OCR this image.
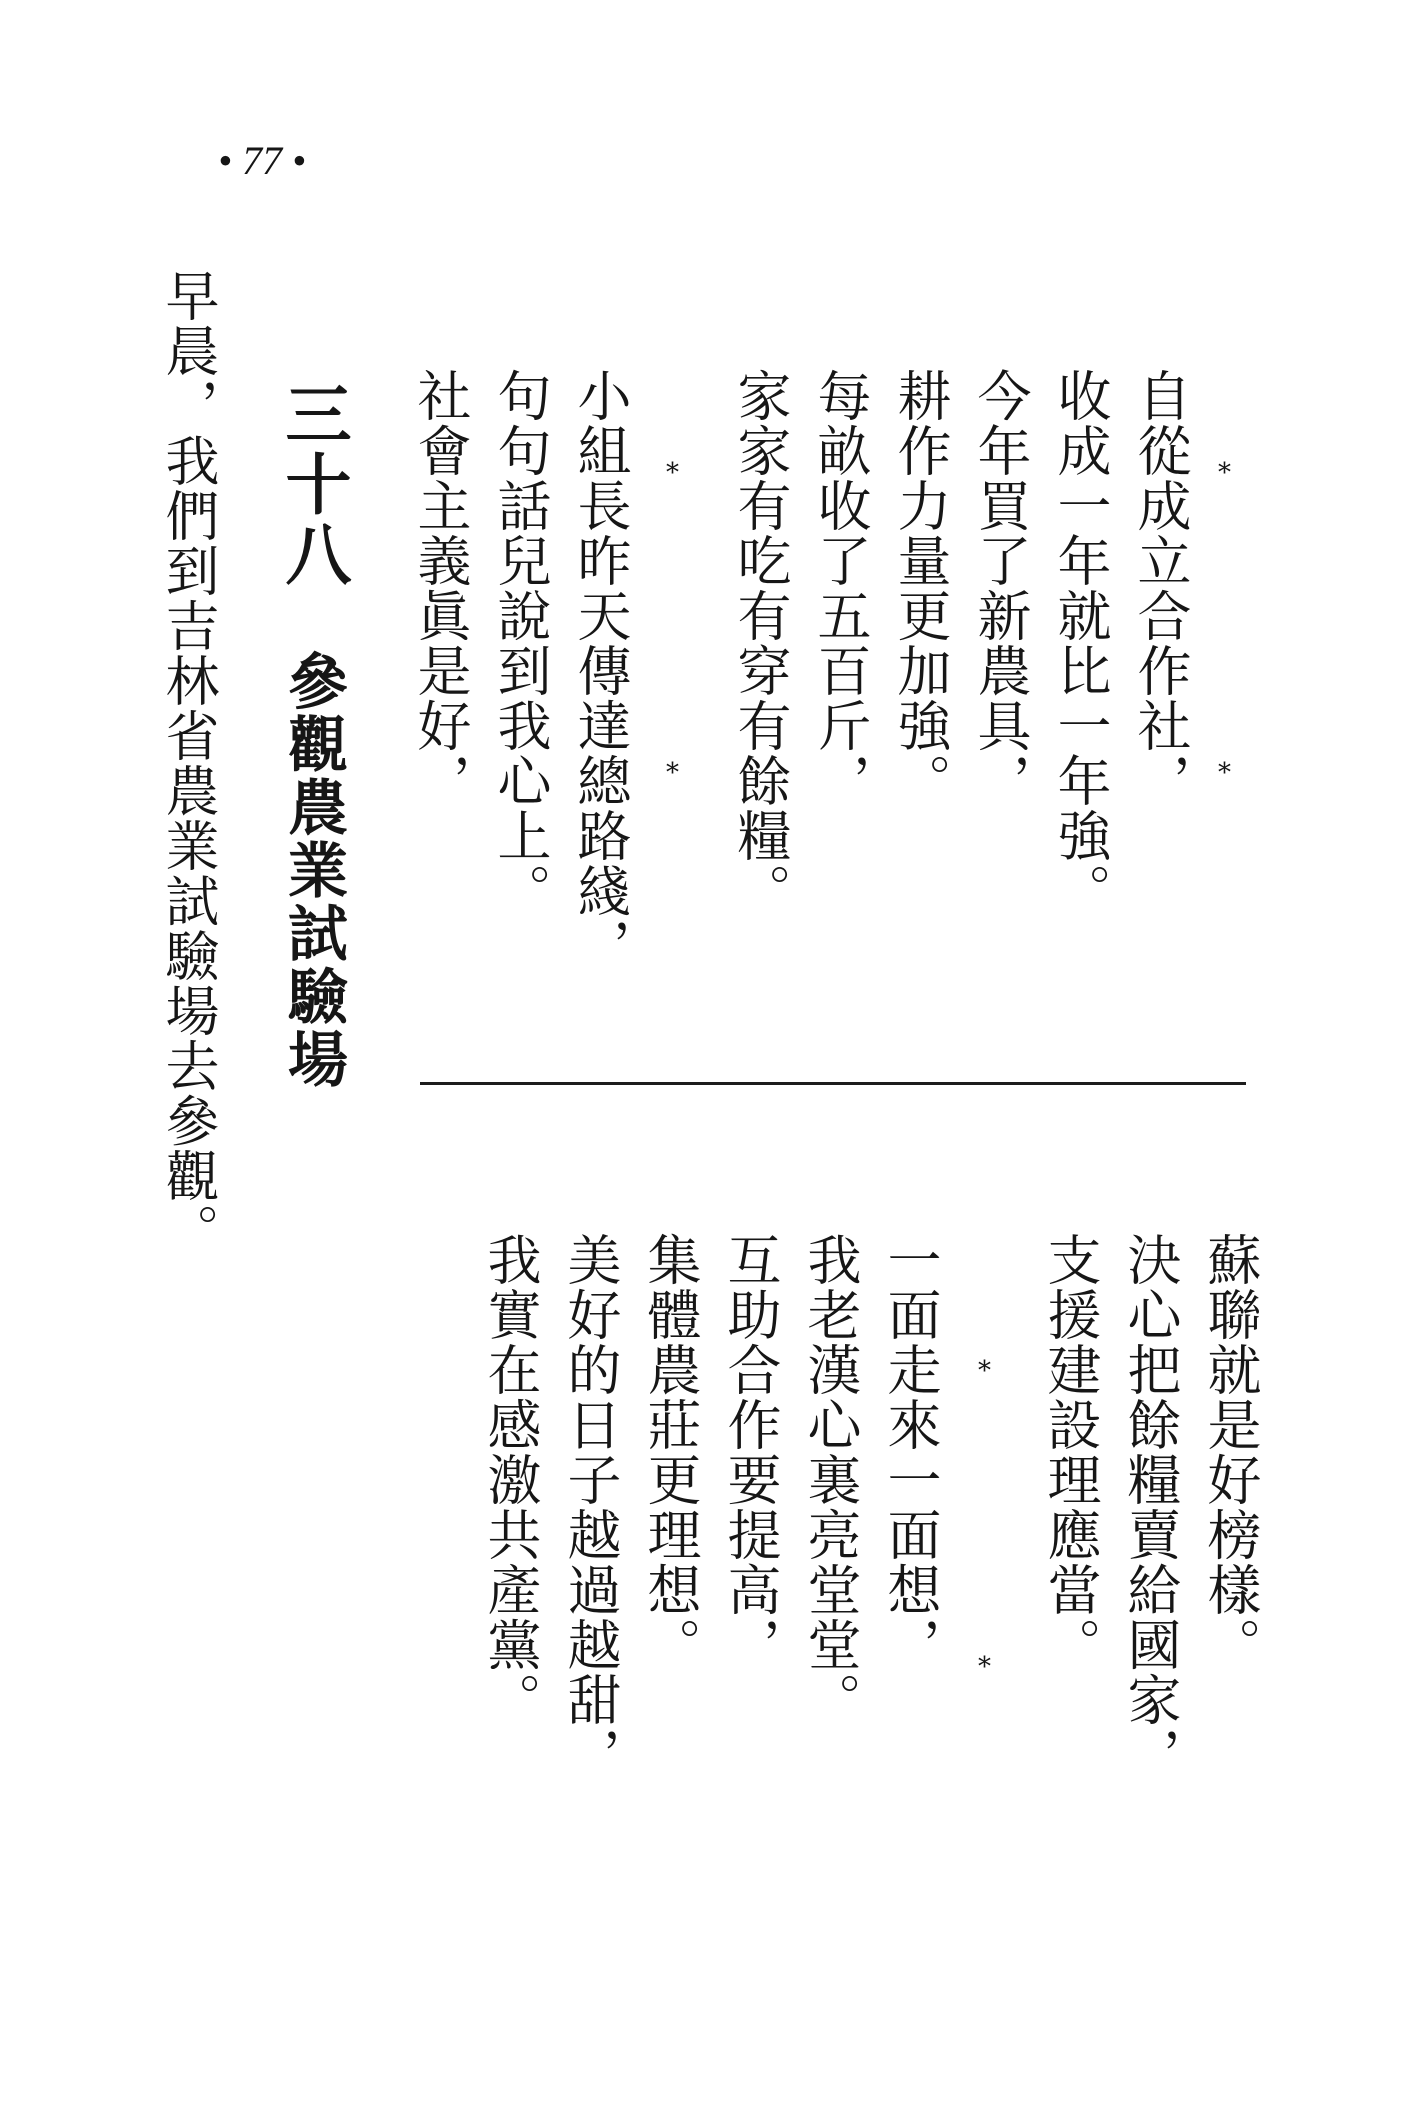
• 77 •
自從成立合作社，
收成一年就比一年強。
今年買了新農具，
耕作力量更加強。
每畝收了五百斤，
家家有吃有穿有餘糧。	*
*
*
*
小組長昨天傳達總路綫，
句句話兒說到我心上。
社會主義眞是好，
蘇聯就是好榜樣。
決心把餘糧賣給國家，
支援建設理應當。
*
*
一面走來一面想，
我老漢心裏亮堂堂。
互助合作要提高，
集體農莊更理想。
美好的日子越過越甜，
我實在感激共產黨。
三十八
參觀農業試驗場
早晨，我們到吉林省農業試驗場去參觀。
